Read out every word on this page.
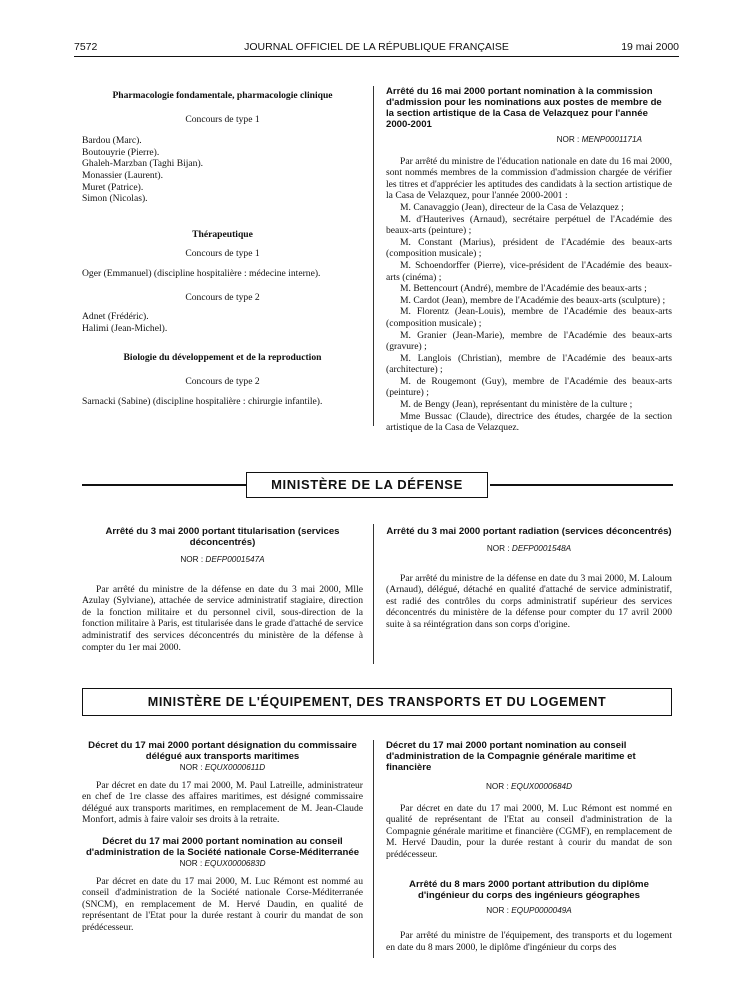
7572	JOURNAL OFFICIEL DE LA RÉPUBLIQUE FRANÇAISE	19 mai 2000

Pharmacologie fondamentale, pharmacologie clinique

Concours de type 1

Bardou (Marc).

Boutouyrie (Pierre).

Ghaleh-Marzban (Taghi Bijan).

Monassier (Laurent).

Muret (Patrice).

Simon (Nicolas).

Thérapeutique

Concours de type 1

Oger (Emmanuel) (discipline hospitalière : médecine interne).

Concours de type 2

Adnet (Frédéric).

Halimi (Jean-Michel).

Biologie du développement et de la reproduction

Concours de type 2

Sarnacki (Sabine) (discipline hospitalière : chirurgie infantile).

Arrêté du 16 mai 2000 portant nomination à la commission d'admission pour les nominations aux postes de membre de la section artistique de la Casa de Velazquez pour l'année 2000-2001

NOR : MENP0001171A

Par arrêté du ministre de l'éducation nationale en date du 16 mai 2000, sont nommés membres de la commission d'admission chargée de vérifier les titres et d'apprécier les aptitudes des candidats à la section artistique de la Casa de Velazquez, pour l'année 2000-2001 :

M. Canavaggio (Jean), directeur de la Casa de Velazquez ;

M. d'Hauterives (Arnaud), secrétaire perpétuel de l'Académie des beaux-arts (peinture) ;

M. Constant (Marius), président de l'Académie des beaux-arts (composition musicale) ;

M. Schoendorffer (Pierre), vice-président de l'Académie des beaux-arts (cinéma) ;

M. Bettencourt (André), membre de l'Académie des beaux-arts ;

M. Cardot (Jean), membre de l'Académie des beaux-arts (sculpture) ;

M. Florentz (Jean-Louis), membre de l'Académie des beaux-arts (composition musicale) ;

M. Granier (Jean-Marie), membre de l'Académie des beaux-arts (gravure) ;

M. Langlois (Christian), membre de l'Académie des beaux-arts (architecture) ;

M. de Rougemont (Guy), membre de l'Académie des beaux-arts (peinture) ;

M. de Bengy (Jean), représentant du ministère de la culture ;

Mme Bussac (Claude), directrice des études, chargée de la section artistique de la Casa de Velazquez.

MINISTÈRE DE LA DÉFENSE

Arrêté du 3 mai 2000 portant titularisation (services déconcentrés)

NOR : DEFP0001547A

Par arrêté du ministre de la défense en date du 3 mai 2000, Mlle Azulay (Sylviane), attachée de service administratif stagiaire, direction de la fonction militaire et du personnel civil, sous-direction de la fonction militaire à Paris, est titularisée dans le grade d'attaché de service administratif des services déconcentrés du ministère de la défense à compter du 1er mai 2000.

Arrêté du 3 mai 2000 portant radiation (services déconcentrés)

NOR : DEFP0001548A

Par arrêté du ministre de la défense en date du 3 mai 2000, M. Laloum (Arnaud), délégué, détaché en qualité d'attaché de service administratif, est radié des contrôles du corps administratif supérieur des services déconcentrés du ministère de la défense pour compter du 17 avril 2000 suite à sa réintégration dans son corps d'origine.

MINISTÈRE DE L'ÉQUIPEMENT, DES TRANSPORTS ET DU LOGEMENT

Décret du 17 mai 2000 portant désignation du commissaire délégué aux transports maritimes

NOR : EQUX0000611D

Par décret en date du 17 mai 2000, M. Paul Latreille, administrateur en chef de 1re classe des affaires maritimes, est désigné commissaire délégué aux transports maritimes, en remplacement de M. Jean-Claude Monfort, admis à faire valoir ses droits à la retraite.

Décret du 17 mai 2000 portant nomination au conseil d'administration de la Société nationale Corse-Méditerranée

NOR : EQUX0000683D

Par décret en date du 17 mai 2000, M. Luc Rémont est nommé au conseil d'administration de la Société nationale Corse-Méditerranée (SNCM), en remplacement de M. Hervé Daudin, en qualité de représentant de l'Etat pour la durée restant à courir du mandat de son prédécesseur.

Décret du 17 mai 2000 portant nomination au conseil d'administration de la Compagnie générale maritime et financière

NOR : EQUX0000684D

Par décret en date du 17 mai 2000, M. Luc Rémont est nommé en qualité de représentant de l'Etat au conseil d'administration de la Compagnie générale maritime et financière (CGMF), en remplacement de M. Hervé Daudin, pour la durée restant à courir du mandat de son prédécesseur.

Arrêté du 8 mars 2000 portant attribution du diplôme d'ingénieur du corps des ingénieurs géographes

NOR : EQUP0000049A

Par arrêté du ministre de l'équipement, des transports et du logement en date du 8 mars 2000, le diplôme d'ingénieur du corps des
